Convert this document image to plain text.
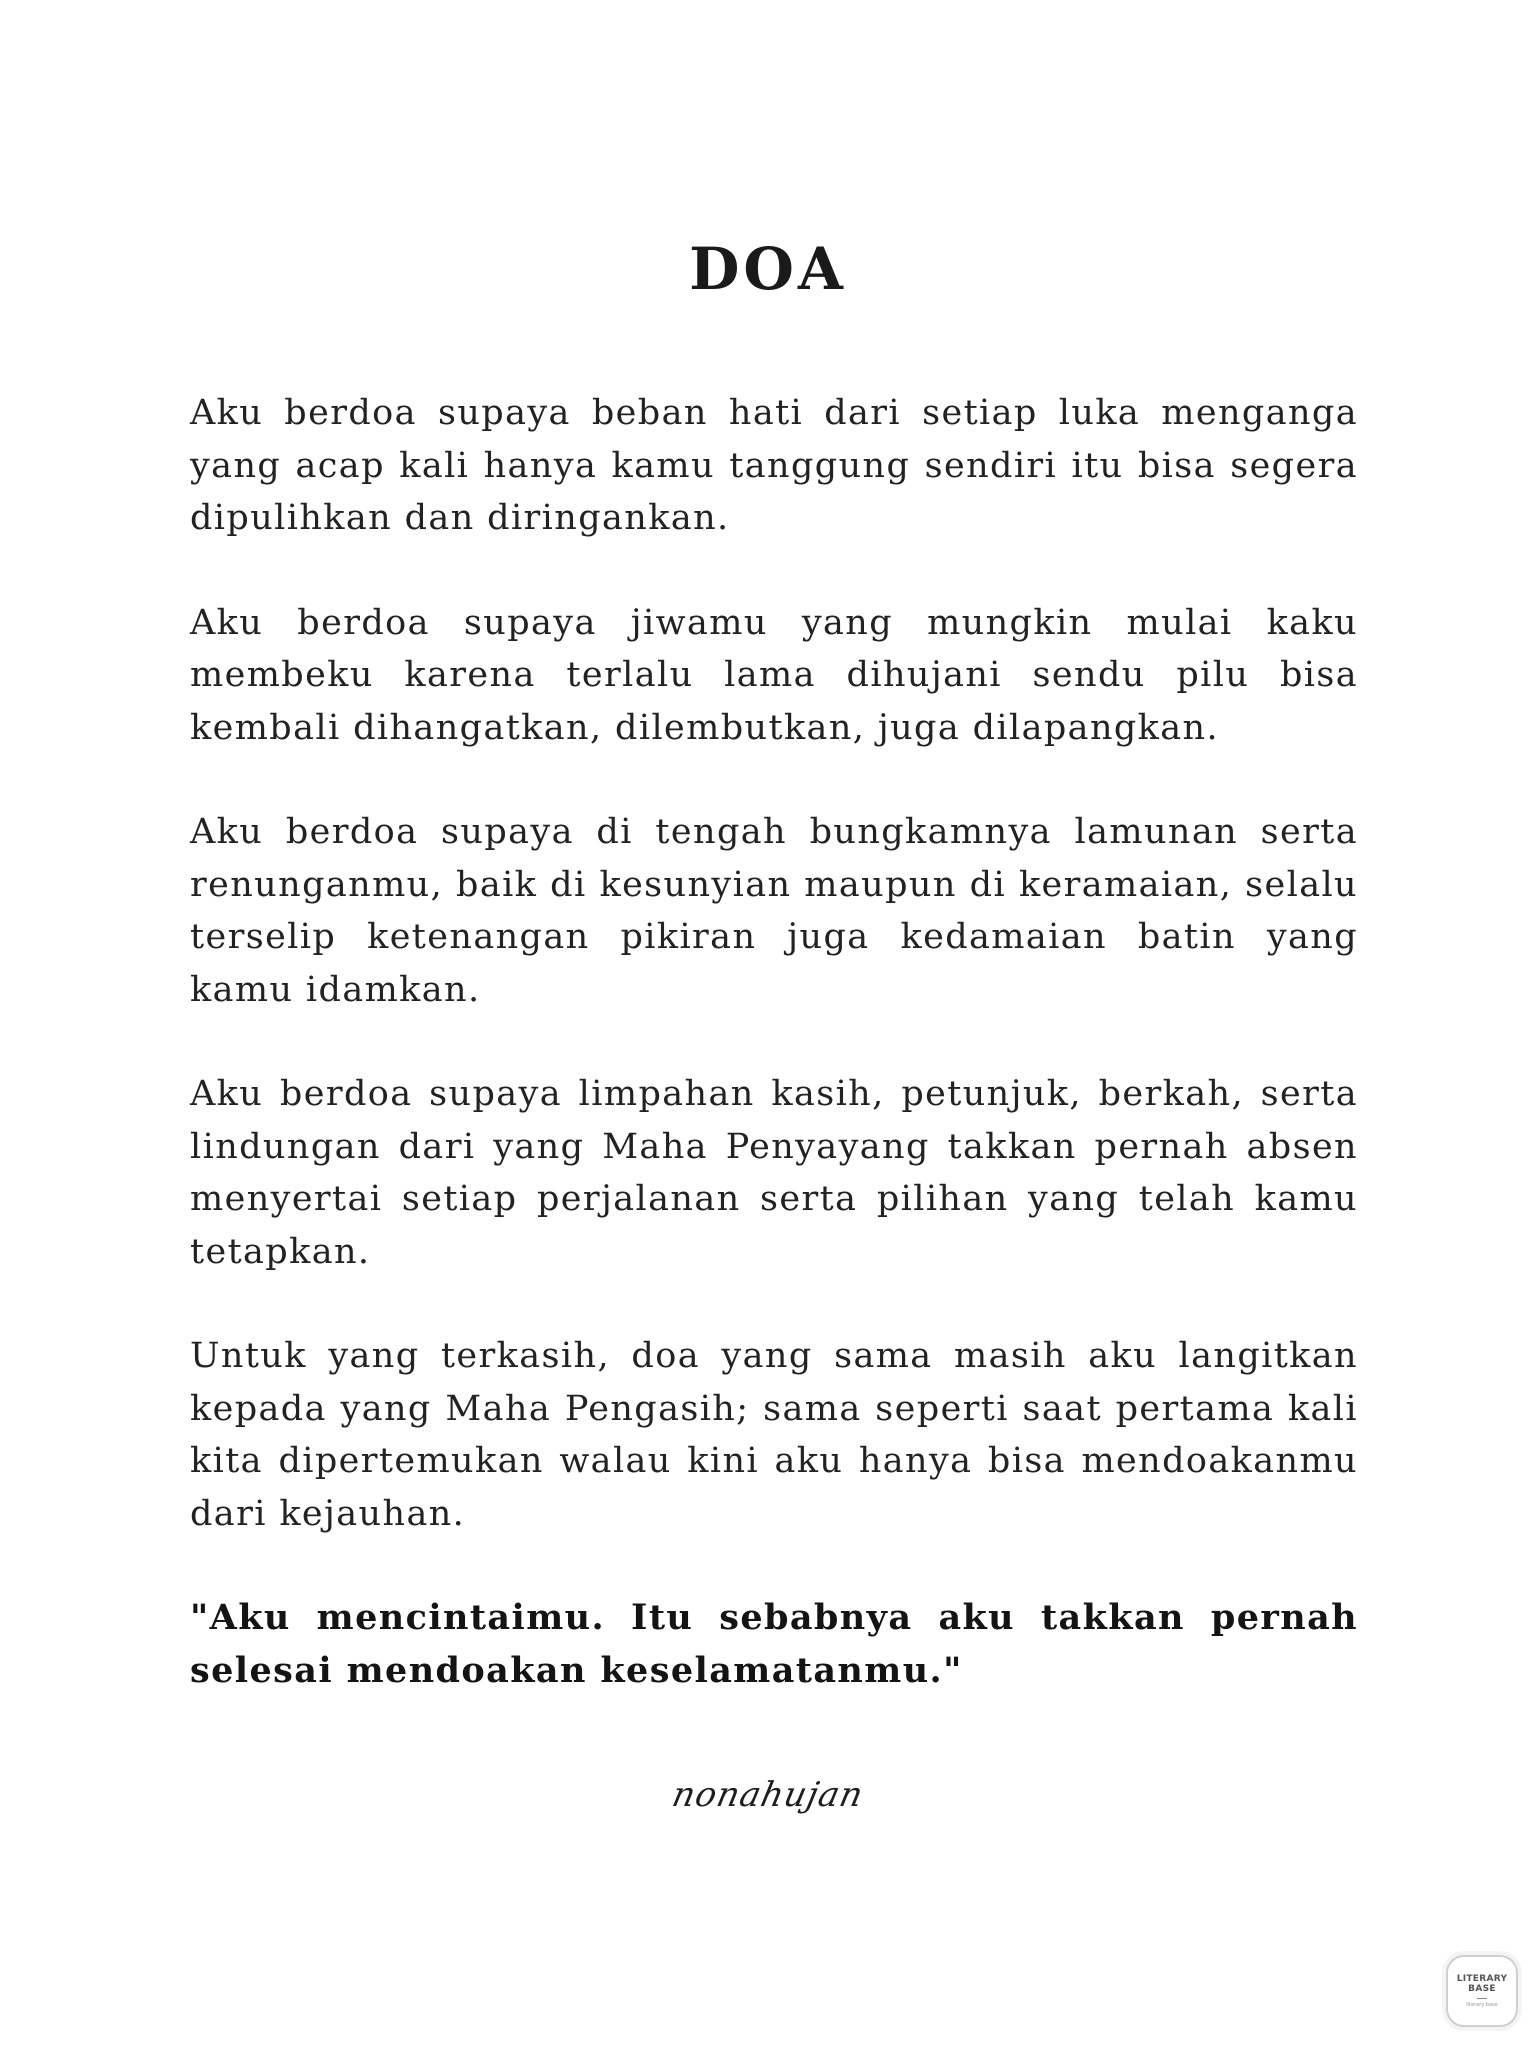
DOA

Aku berdoa supaya beban hati dari setiap luka menganga yang acap kali hanya kamu tanggung sendiri itu bisa segera dipulihkan dan diringankan.

Aku berdoa supaya jiwamu yang mungkin mulai kaku membeku karena terlalu lama dihujani sendu pilu bisa kembali dihangatkan, dilembutkan, juga dilapangkan.

Aku berdoa supaya di tengah bungkamnya lamunan serta renunganmu, baik di kesunyian maupun di keramaian, selalu terselip ketenangan pikiran juga kedamaian batin yang kamu idamkan.

Aku berdoa supaya limpahan kasih, petunjuk, berkah, serta lindungan dari yang Maha Penyayang takkan pernah absen menyertai setiap perjalanan serta pilihan yang telah kamu tetapkan.

Untuk yang terkasih, doa yang sama masih aku langitkan kepada yang Maha Pengasih; sama seperti saat pertama kali kita dipertemukan walau kini aku hanya bisa mendoakanmu dari kejauhan.

"Aku mencintaimu. Itu sebabnya aku takkan pernah selesai mendoakan keselamatanmu."

nonahujan
LITERARY
BASE
literary base
